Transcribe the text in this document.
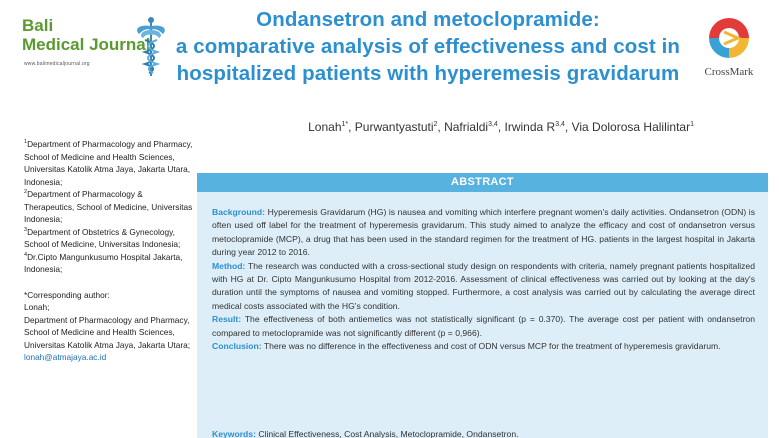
Bali
Medical Journal
www.balimedicaljournal.org
Ondansetron and metoclopramide:
a comparative analysis of effectiveness and cost in
hospitalized patients with hyperemesis gravidarum	CrossMark
Lonah$^{1*}$, Purwantyastuti$^2$, Nafrialdi$^{3,4}$, Irwinda R$^{3,4}$, Via Dolorosa Halilintar$^1$
$^1$Department of Pharmacology and Pharmacy, School of Medicine and Health Sciences, Universitas Katolik Atma Jaya, Jakarta Utara, Indonesia;
$^2$Department of Pharmacology & Therapeutics, School of Medicine, Universitas Indonesia;
$^3$Department of Obstetrics & Gynecology, School of Medicine, Universitas Indonesia;
$^4$Dr.Cipto Mangunkusumo Hospital Jakarta, Indonesia;
*Corresponding author:
Lonah;
Department of Pharmacology and Pharmacy, School of Medicine and Health Sciences, Universitas Katolik Atma Jaya, Jakarta Utara;
lonah@atmajaya.ac.id
ABSTRACT

Background: Hyperemesis Gravidarum (HG) is nausea and vomiting which interfere pregnant women's daily activities. Ondansetron (ODN) is often used off label for the treatment of hyperemesis gravidarum. This study aimed to analyze the efficacy and cost of ondansetron versus metoclopramide (MCP), a drug that has been used in the standard regimen for the treatment of HG. patients in the largest hospital in Jakarta during year 2012 to 2016.

Method: The research was conducted with a cross-sectional study design on respondents with criteria, namely pregnant patients hospitalized with HG at Dr. Cipto Mangunkusumo Hospital from 2012-2016. Assessment of clinical effectiveness was carried out by looking at the day's duration until the symptoms of nausea and vomiting stopped. Furthermore, a cost analysis was carried out by calculating the average direct medical costs associated with the HG's condition.

Result: The effectiveness of both antiemetics was not statistically significant (p = 0.370). The average cost per patient with ondansetron compared to metoclopramide was not significantly different (p = 0,966).

Conclusion: There was no difference in the effectiveness and cost of ODN versus MCP for the treatment of hyperemesis gravidarum.

Keywords: Clinical Effectiveness, Cost Analysis, Metoclopramide, Ondansetron.
